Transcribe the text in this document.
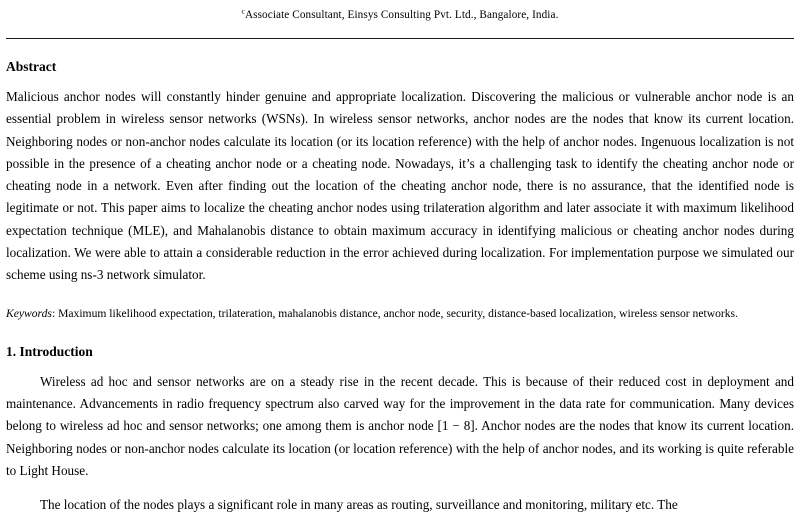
$^c$Associate Consultant, Einsys Consulting Pvt. Ltd., Bangalore, India.
Abstract

Malicious anchor nodes will constantly hinder genuine and appropriate localization. Discovering the malicious or vulnerable anchor node is an essential problem in wireless sensor networks (WSNs). In wireless sensor networks, anchor nodes are the nodes that know its current location. Neighboring nodes or non-anchor nodes calculate its location (or its location reference) with the help of anchor nodes. Ingenuous localization is not possible in the presence of a cheating anchor node or a cheating node. Nowadays, it’s a challenging task to identify the cheating anchor node or cheating node in a network. Even after finding out the location of the cheating anchor node, there is no assurance, that the identified node is legitimate or not. This paper aims to localize the cheating anchor nodes using trilateration algorithm and later associate it with maximum likelihood expectation technique (MLE), and Mahalanobis distance to obtain maximum accuracy in identifying malicious or cheating anchor nodes during localization. We were able to attain a considerable reduction in the error achieved during localization. For implementation purpose we simulated our scheme using ns-3 network simulator.

Keywords: Maximum likelihood expectation, trilateration, mahalanobis distance, anchor node, security, distance-based localization, wireless sensor networks.

1. Introduction

Wireless ad hoc and sensor networks are on a steady rise in the recent decade. This is because of their reduced cost in deployment and maintenance. Advancements in radio frequency spectrum also carved way for the improvement in the data rate for communication. Many devices belong to wireless ad hoc and sensor networks; one among them is anchor node [1 − 8]. Anchor nodes are the nodes that know its current location. Neighboring nodes or non-anchor nodes calculate its location (or location reference) with the help of anchor nodes, and its working is quite referable to Light House.

The location of the nodes plays a significant role in many areas as routing, surveillance and monitoring, military etc. The
